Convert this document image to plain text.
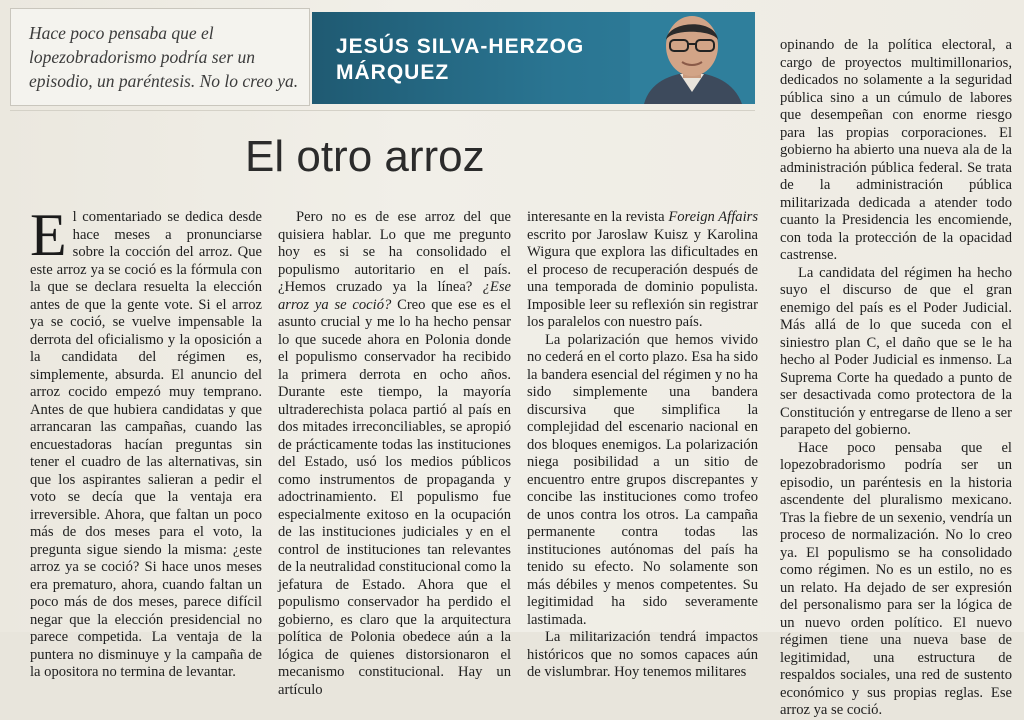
Hace poco pensaba que el lopezobradorismo podría ser un episodio, un paréntesis. No lo creo ya.
JESÚS SILVA-HERZOG
MÁRQUEZ
El otro arroz

El comentariado se dedica desde hace meses a pronunciarse sobre la cocción del arroz. Que este arroz ya se coció es la fórmula con la que se declara resuelta la elección antes de que la gente vote. Si el arroz ya se coció, se vuelve impensable la derrota del oficialismo y la oposición a la candidata del régimen es, simplemente, absurda. El anuncio del arroz cocido empezó muy temprano. Antes de que hubiera candidatas y que arrancaran las campañas, cuando las encuestadoras hacían preguntas sin tener el cuadro de las alternativas, sin que los aspirantes salieran a pedir el voto se decía que la ventaja era irreversible. Ahora, que faltan un poco más de dos meses para el voto, la pregunta sigue siendo la misma: ¿este arroz ya se coció? Si hace unos meses era prematuro, ahora, cuando faltan un poco más de dos meses, parece difícil negar que la elección presidencial no parece competida. La ventaja de la puntera no disminuye y la campaña de la opositora no termina de levantar.

Pero no es de ese arroz del que quisiera hablar. Lo que me pregunto hoy es si se ha consolidado el populismo autoritario en el país. ¿Hemos cruzado ya la línea? ¿Ese arroz ya se coció? Creo que ese es el asunto crucial y me lo ha hecho pensar lo que sucede ahora en Polonia donde el populismo conservador ha recibido la primera derrota en ocho años. Durante este tiempo, la mayoría ultraderechista polaca partió al país en dos mitades irreconciliables, se apropió de prácticamente todas las instituciones del Estado, usó los medios públicos como instrumentos de propaganda y adoctrinamiento. El populismo fue especialmente exitoso en la ocupación de las instituciones judiciales y en el control de instituciones tan relevantes de la neutralidad constitucional como la jefatura de Estado. Ahora que el populismo conservador ha perdido el gobierno, es claro que la arquitectura política de Polonia obedece aún a la lógica de quienes distorsionaron el mecanismo constitucional. Hay un artículo

interesante en la revista Foreign Affairs escrito por Jaroslaw Kuisz y Karolina Wigura que explora las dificultades en el proceso de recuperación después de una temporada de dominio populista. Imposible leer su reflexión sin registrar los paralelos con nuestro país.

La polarización que hemos vivido no cederá en el corto plazo. Esa ha sido la bandera esencial del régimen y no ha sido simplemente una bandera discursiva que simplifica la complejidad del escenario nacional en dos bloques enemigos. La polarización niega posibilidad a un sitio de encuentro entre grupos discrepantes y concibe las instituciones como trofeo de unos contra los otros. La campaña permanente contra todas las instituciones autónomas del país ha tenido su efecto. No solamente son más débiles y menos competentes. Su legitimidad ha sido severamente lastimada.

La militarización tendrá impactos históricos que no somos capaces aún de vislumbrar. Hoy tenemos militares

opinando de la política electoral, a cargo de proyectos multimillonarios, dedicados no solamente a la seguridad pública sino a un cúmulo de labores que desempeñan con enorme riesgo para las propias corporaciones. El gobierno ha abierto una nueva ala de la administración pública federal. Se trata de la administración pública militarizada dedicada a atender todo cuanto la Presidencia les encomiende, con toda la protección de la opacidad castrense.

La candidata del régimen ha hecho suyo el discurso de que el gran enemigo del país es el Poder Judicial. Más allá de lo que suceda con el siniestro plan C, el daño que se le ha hecho al Poder Judicial es inmenso. La Suprema Corte ha quedado a punto de ser desactivada como protectora de la Constitución y entregarse de lleno a ser parapeto del gobierno.

Hace poco pensaba que el lopezobradorismo podría ser un episodio, un paréntesis en la historia ascendente del pluralismo mexicano. Tras la fiebre de un sexenio, vendría un proceso de normalización. No lo creo ya. El populismo se ha consolidado como régimen. No es un estilo, no es un relato. Ha dejado de ser expresión del personalismo para ser la lógica de un nuevo orden político. El nuevo régimen tiene una nueva base de legitimidad, una estructura de respaldos sociales, una red de sustento económico y sus propias reglas. Ese arroz ya se coció.
